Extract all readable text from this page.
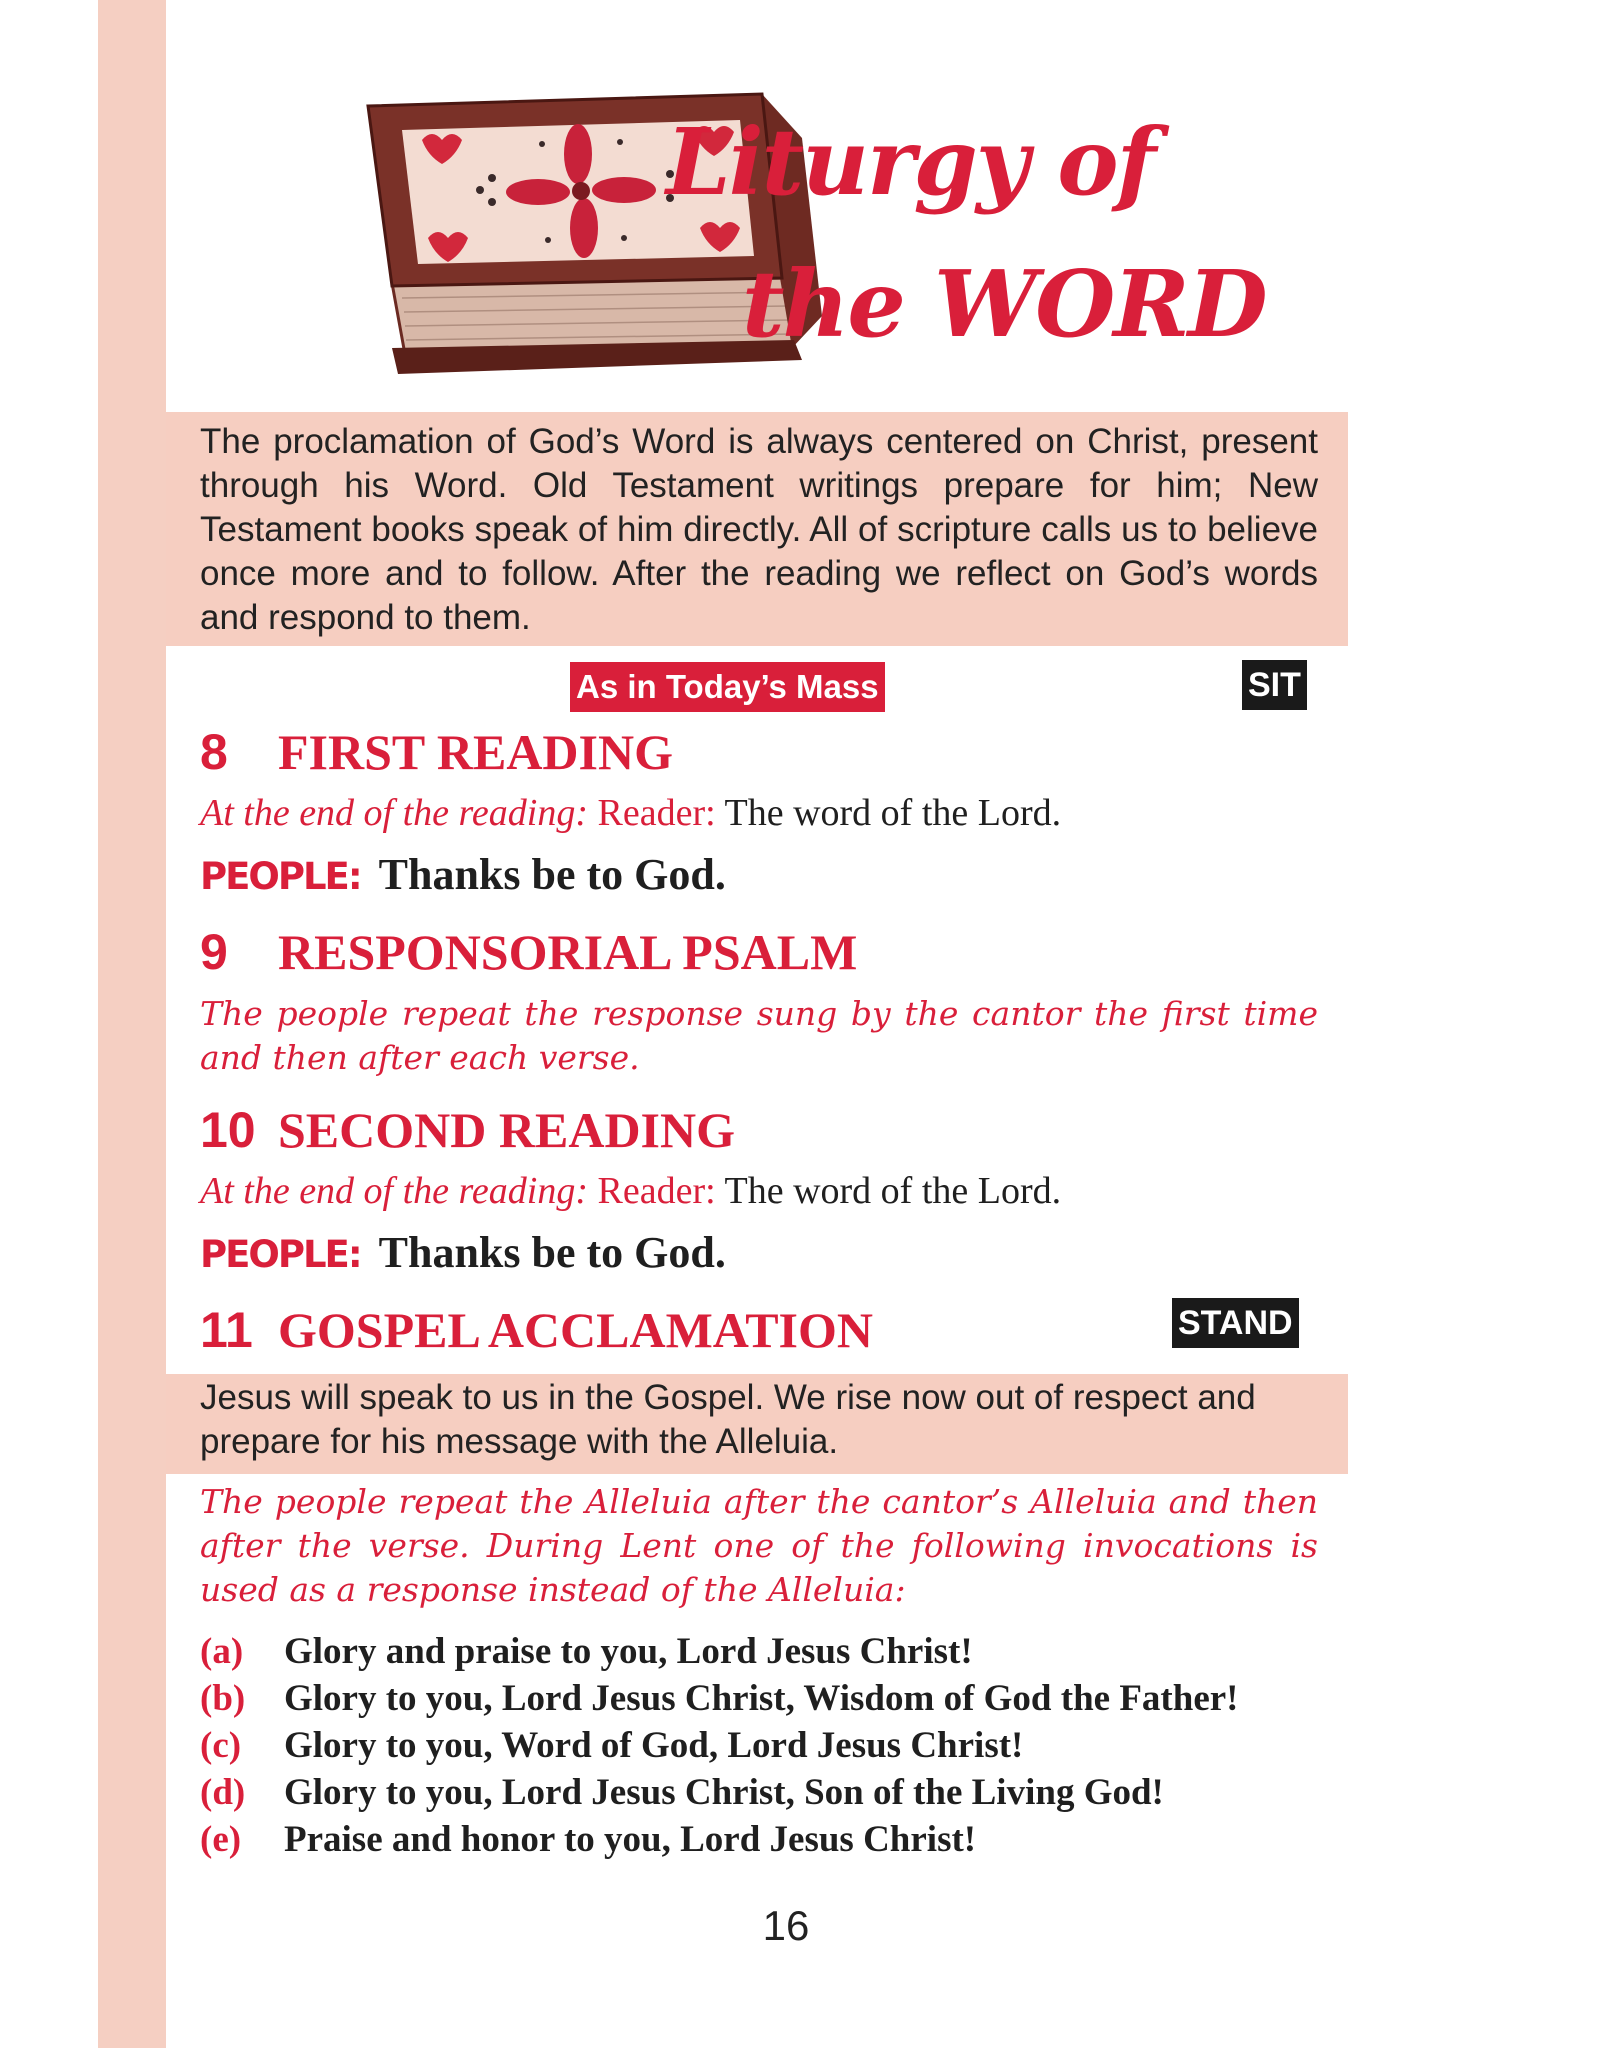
Liturgy of
the WORD
The proclamation of God’s Word is always centered on Christ, present through his Word. Old Testament writings prepare for him; New Testament books speak of him directly. All of scripture calls us to believe once more and to follow. After the reading we reflect on God’s words and respond to them.
As in Today’s Mass	SIT
8 FIRST READING
At the end of the reading: Reader: The word of the Lord.
PEOPLE: Thanks be to God.
9 RESPONSORIAL PSALM
The people repeat the response sung by the cantor the first time and then after each verse.
10 SECOND READING
At the end of the reading: Reader: The word of the Lord.
PEOPLE: Thanks be to God.
11 GOSPEL ACCLAMATION	STAND
Jesus will speak to us in the Gospel. We rise now out of respect and prepare for his message with the Alleluia.
The people repeat the Alleluia after the cantor’s Alleluia and then after the verse. During Lent one of the following invocations is used as a response instead of the Alleluia:
(a) Glory and praise to you, Lord Jesus Christ!
(b) Glory to you, Lord Jesus Christ, Wisdom of God the Father!
(c) Glory to you, Word of God, Lord Jesus Christ!
(d) Glory to you, Lord Jesus Christ, Son of the Living God!
(e) Praise and honor to you, Lord Jesus Christ!
16
